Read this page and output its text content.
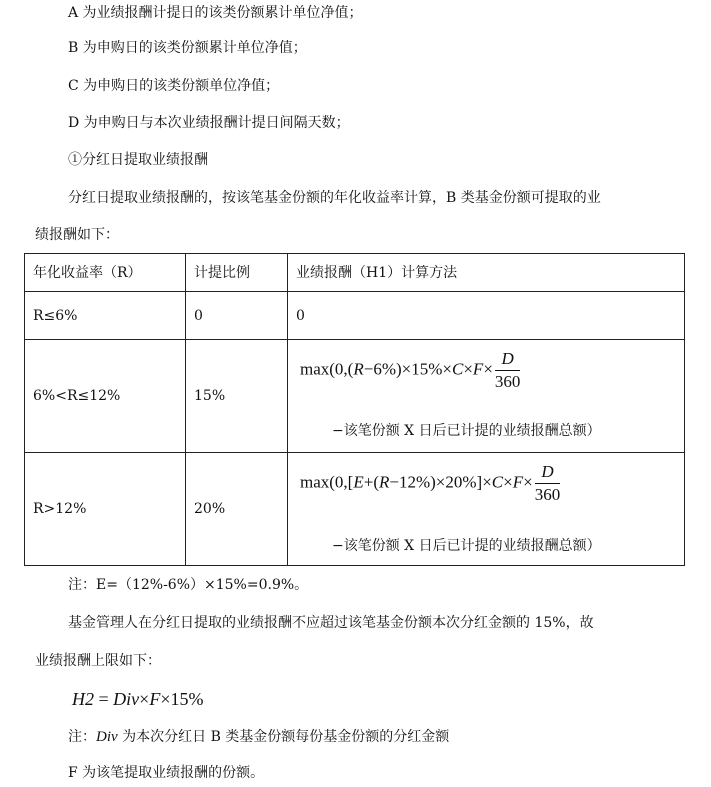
A 为业绩报酬计提日的该类份额累计单位净值；
B 为申购日的该类份额累计单位净值；
C 为申购日的该类份额单位净值；
D 为申购日与本次业绩报酬计提日间隔天数；
①分红日提取业绩报酬
分红日提取业绩报酬的，按该笔基金份额的年化收益率计算，B 类基金份额可提取的业
绩报酬如下：
年化收益率（R）	计提比例	业绩报酬（H1）计算方法
R≤6%	0	0
6%<R≤12%	15%	$\max(0,(R-6\%)\times 15\%\times C\times F\times \frac{D}{360}$
−该笔份额 X 日后已计提的业绩报酬总额）

R>12%	20%	$\max(0,[E+(R-12\%)\times 20\%]\times C\times F\times \frac{D}{360}$
−该笔份额 X 日后已计提的业绩报酬总额）
注：E=（12%-6%）×15%=0.9%。
基金管理人在分红日提取的业绩报酬不应超过该笔基金份额本次分红金额的 15%，故
业绩报酬上限如下：
H2 = Div×F×15%
注：Div 为本次分红日 B 类基金份额每份基金份额的分红金额
F 为该笔提取业绩报酬的份额。
